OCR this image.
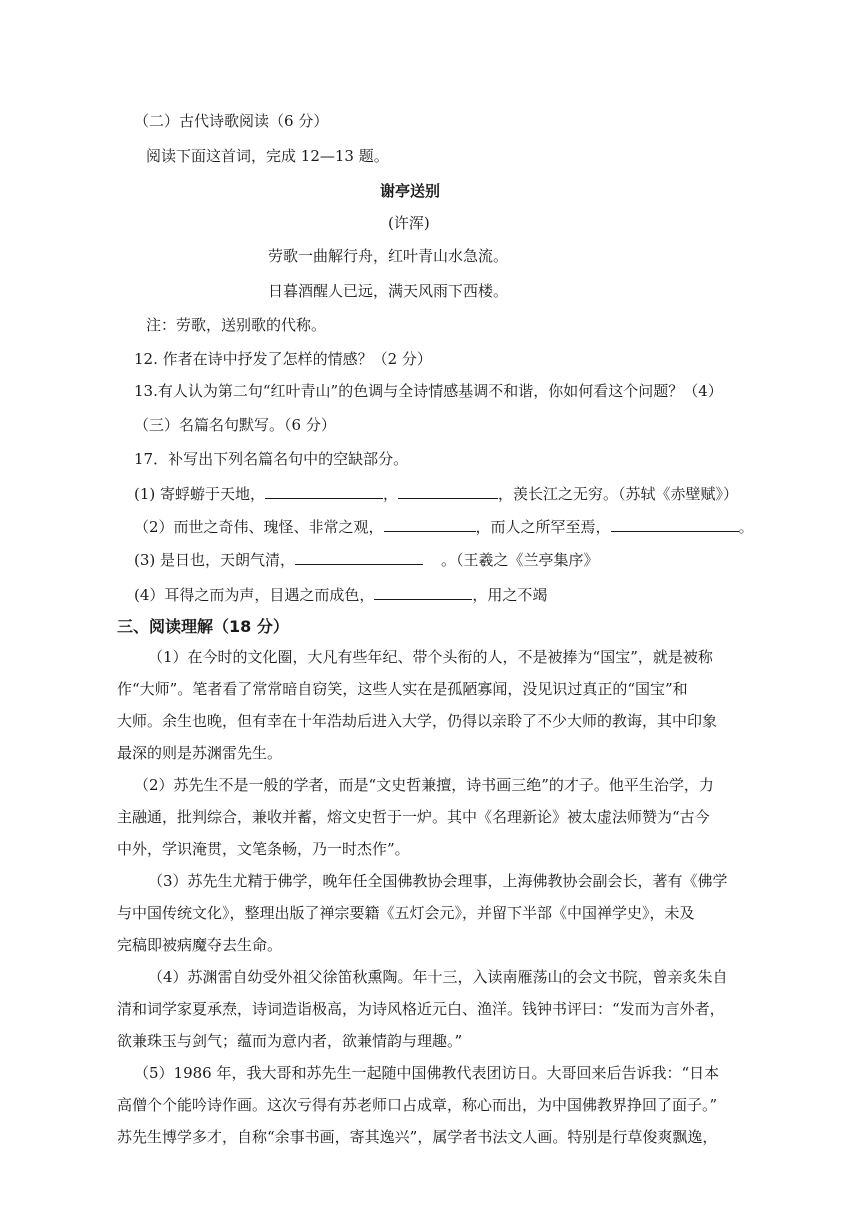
（二）古代诗歌阅读（6 分）
阅读下面这首词，完成 12—13 题。
谢亭送别
(许浑)
劳歌一曲解行舟，红叶青山水急流。
日暮酒醒人已远，满天风雨下西楼。
注：劳歌，送别歌的代称。
12. 作者在诗中抒发了怎样的情感？（2 分）
13.有人认为第二句“红叶青山”的色调与全诗情感基调不和谐，你如何看这个问题？（4）
（三）名篇名句默写。（6 分）
17．补写出下列名篇名句中的空缺部分。
(1) 寄蜉蝣于天地，	，	，羡长江之无穷。（苏轼《赤壁赋》）
（2）而世之奇伟、瑰怪、非常之观，	，而人之所罕至焉，	。
(3) 是日也，天朗气清，	。（王羲之《兰亭集序》
(4）耳得之而为声，目遇之而成色，	，用之不竭
三、阅读理解（18 分）
（1）在今时的文化圈，大凡有些年纪、带个头衔的人，不是被捧为“国宝”，就是被称
作“大师”。笔者看了常常暗自窃笑，这些人实在是孤陋寡闻，没见识过真正的“国宝”和
大师。余生也晚，但有幸在十年浩劫后进入大学，仍得以亲聆了不少大师的教诲，其中印象
最深的则是苏渊雷先生。
（2）苏先生不是一般的学者，而是“文史哲兼擅，诗书画三绝”的才子。他平生治学，力
主融通，批判综合，兼收并蓄，熔文史哲于一炉。其中《名理新论》被太虚法师赞为“古今
中外，学识淹贯，文笔条畅，乃一时杰作”。
（3）苏先生尤精于佛学，晚年任全国佛教协会理事，上海佛教协会副会长，著有《佛学
与中国传统文化》，整理出版了禅宗要籍《五灯会元》，并留下半部《中国禅学史》，未及
完稿即被病魔夺去生命。
（4）苏渊雷自幼受外祖父徐笛秋熏陶。年十三，入读南雁荡山的会文书院，曾亲炙朱自
清和词学家夏承焘，诗词造诣极高，为诗风格近元白、渔洋。钱钟书评曰：“发而为言外者，
欲兼珠玉与剑气；蕴而为意内者，欲兼情韵与理趣。”
（5）1986 年，我大哥和苏先生一起随中国佛教代表团访日。大哥回来后告诉我：“日本
高僧个个能吟诗作画。这次亏得有苏老师口占成章，称心而出，为中国佛教界挣回了面子。”
苏先生博学多才，自称“余事书画，寄其逸兴”，属学者书法文人画。特别是行草俊爽飘逸，
